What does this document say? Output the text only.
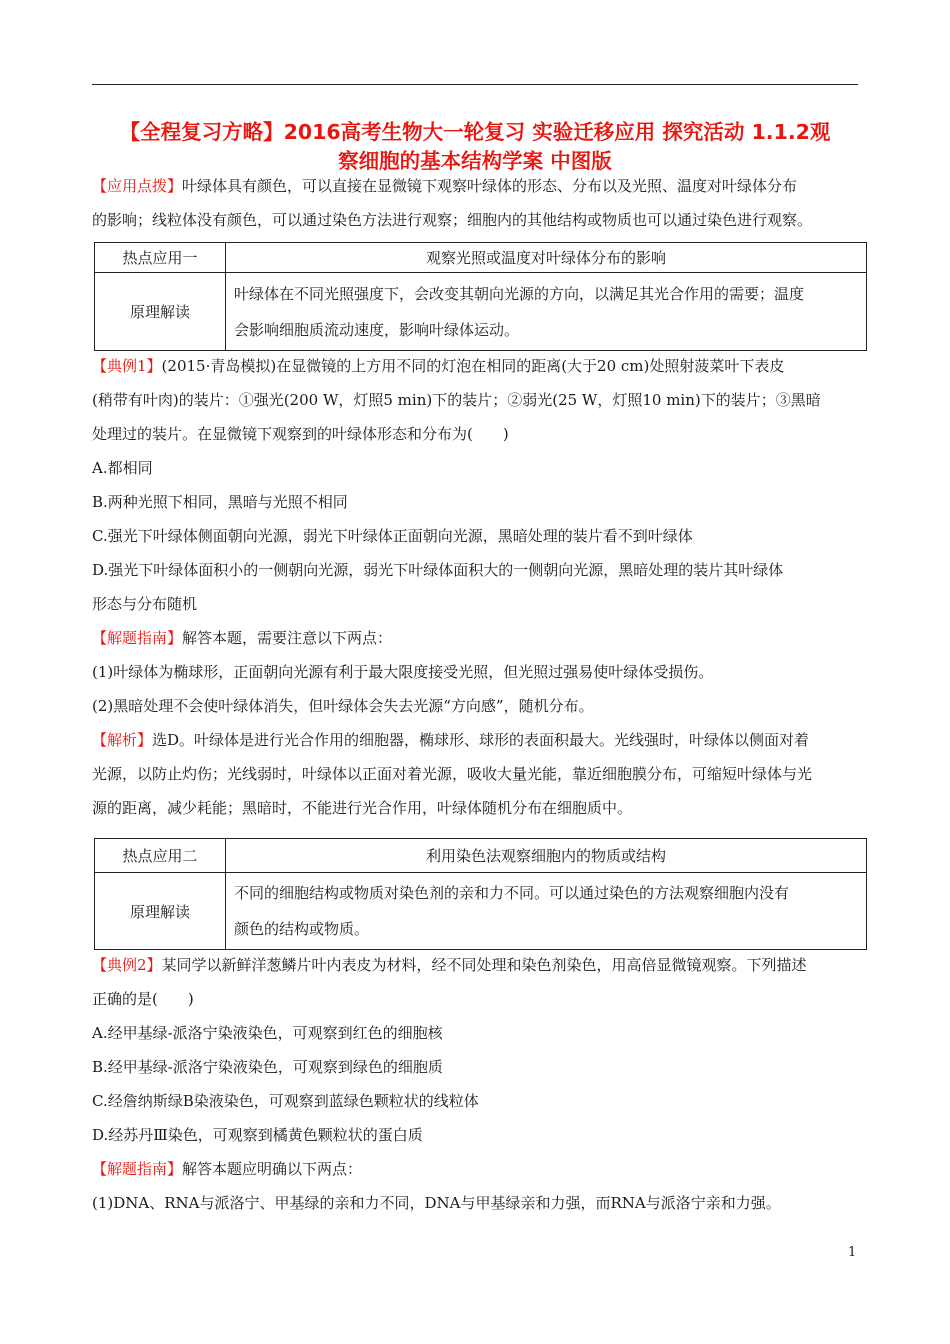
【全程复习方略】2016高考生物大一轮复习 实验迁移应用 探究活动 1.1.2观
察细胞的基本结构学案 中图版
【应用点拨】叶绿体具有颜色，可以直接在显微镜下观察叶绿体的形态、分布以及光照、温度对叶绿体分布
的影响；线粒体没有颜色，可以通过染色方法进行观察；细胞内的其他结构或物质也可以通过染色进行观察。
热点应用一	观察光照或温度对叶绿体分布的影响
原理解读	叶绿体在不同光照强度下，会改变其朝向光源的方向，以满足其光合作用的需要；温度
会影响细胞质流动速度，影响叶绿体运动。
【典例1】(2015·青岛模拟)在显微镜的上方用不同的灯泡在相同的距离(大于20 cm)处照射菠菜叶下表皮
(稍带有叶肉)的装片：①强光(200 W，灯照5 min)下的装片；②弱光(25 W，灯照10 min)下的装片；③黑暗
处理过的装片。在显微镜下观察到的叶绿体形态和分布为(　　)
A.都相同
B.两种光照下相同，黑暗与光照不相同
C.强光下叶绿体侧面朝向光源，弱光下叶绿体正面朝向光源，黑暗处理的装片看不到叶绿体
D.强光下叶绿体面积小的一侧朝向光源，弱光下叶绿体面积大的一侧朝向光源，黑暗处理的装片其叶绿体
形态与分布随机
【解题指南】解答本题，需要注意以下两点：
(1)叶绿体为椭球形，正面朝向光源有利于最大限度接受光照，但光照过强易使叶绿体受损伤。
(2)黑暗处理不会使叶绿体消失，但叶绿体会失去光源“方向感”，随机分布。
【解析】选D。叶绿体是进行光合作用的细胞器，椭球形、球形的表面积最大。光线强时，叶绿体以侧面对着
光源，以防止灼伤；光线弱时，叶绿体以正面对着光源，吸收大量光能，靠近细胞膜分布，可缩短叶绿体与光
源的距离，减少耗能；黑暗时，不能进行光合作用，叶绿体随机分布在细胞质中。
热点应用二	利用染色法观察细胞内的物质或结构
原理解读	不同的细胞结构或物质对染色剂的亲和力不同。可以通过染色的方法观察细胞内没有
颜色的结构或物质。
【典例2】某同学以新鲜洋葱鳞片叶内表皮为材料，经不同处理和染色剂染色，用高倍显微镜观察。下列描述
正确的是(　　)
A.经甲基绿-派洛宁染液染色，可观察到红色的细胞核
B.经甲基绿-派洛宁染液染色，可观察到绿色的细胞质
C.经詹纳斯绿B染液染色，可观察到蓝绿色颗粒状的线粒体
D.经苏丹Ⅲ染色，可观察到橘黄色颗粒状的蛋白质
【解题指南】解答本题应明确以下两点：
(1)DNA、RNA与派洛宁、甲基绿的亲和力不同，DNA与甲基绿亲和力强，而RNA与派洛宁亲和力强。
1
